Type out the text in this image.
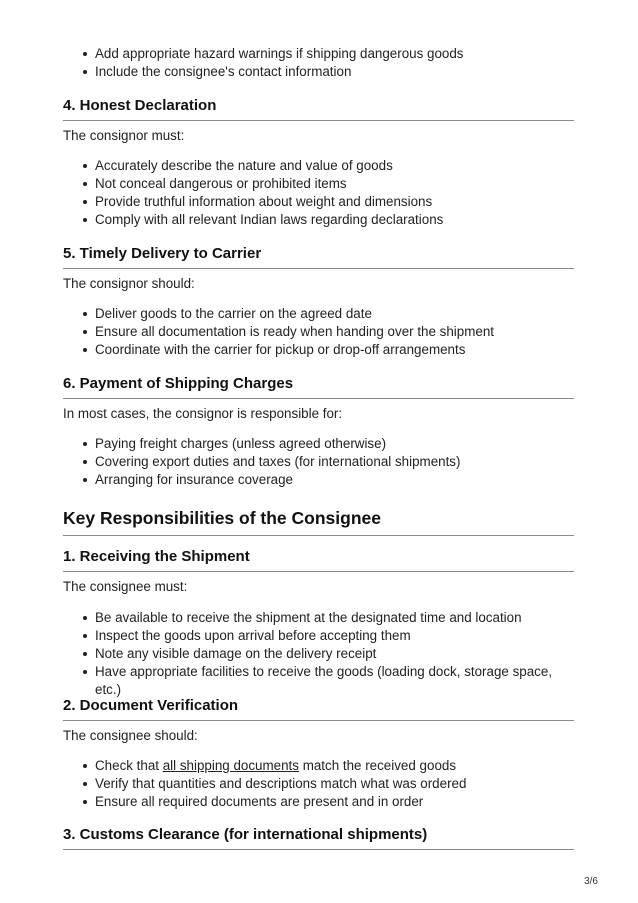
Add appropriate hazard warnings if shipping dangerous goods
Include the consignee's contact information
4. Honest Declaration

The consignor must:

Accurately describe the nature and value of goods
Not conceal dangerous or prohibited items
Provide truthful information about weight and dimensions
Comply with all relevant Indian laws regarding declarations
5. Timely Delivery to Carrier

The consignor should:

Deliver goods to the carrier on the agreed date
Ensure all documentation is ready when handing over the shipment
Coordinate with the carrier for pickup or drop-off arrangements
6. Payment of Shipping Charges

In most cases, the consignor is responsible for:

Paying freight charges (unless agreed otherwise)
Covering export duties and taxes (for international shipments)
Arranging for insurance coverage
Key Responsibilities of the Consignee
1. Receiving the Shipment

The consignee must:

Be available to receive the shipment at the designated time and location
Inspect the goods upon arrival before accepting them
Note any visible damage on the delivery receipt
Have appropriate facilities to receive the goods (loading dock, storage space, etc.)
2. Document Verification

The consignee should:

Check that all shipping documents match the received goods
Verify that quantities and descriptions match what was ordered
Ensure all required documents are present and in order
3. Customs Clearance (for international shipments)
3/6
